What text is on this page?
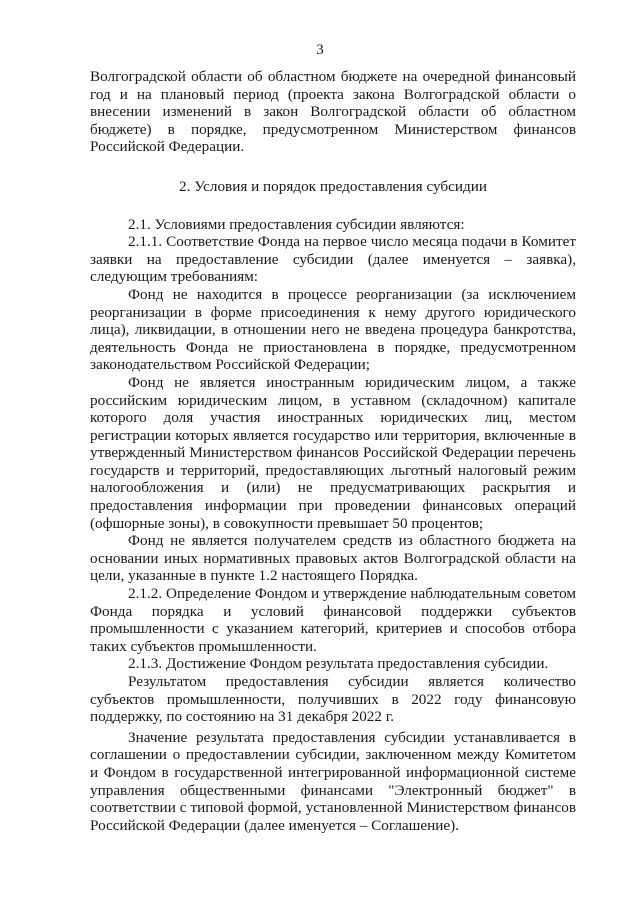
3

Волгоградской области об областном бюджете на очередной финансовый год и на плановый период (проекта закона Волгоградской области о внесении изменений в закон Волгоградской области об областном бюджете) в порядке, предусмотренном Министерством финансов Российской Федерации.

2. Условия и порядок предоставления субсидии

2.1. Условиями предоставления субсидии являются:

2.1.1. Соответствие Фонда на первое число месяца подачи в Комитет заявки на предоставление субсидии (далее именуется – заявка), следующим требованиям:

Фонд не находится в процессе реорганизации (за исключением реорганизации в форме присоединения к нему другого юридического лица), ликвидации, в отношении него не введена процедура банкротства, деятельность Фонда не приостановлена в порядке, предусмотренном законодательством Российской Федерации;

Фонд не является иностранным юридическим лицом, а также российским юридическим лицом, в уставном (складочном) капитале которого доля участия иностранных юридических лиц, местом регистрации которых является государство или территория, включенные в утвержденный Министерством финансов Российской Федерации перечень государств и территорий, предоставляющих льготный налоговый режим налогообложения и (или) не предусматривающих раскрытия и предоставления информации при проведении финансовых операций (офшорные зоны), в совокупности превышает 50 процентов;

Фонд не является получателем средств из областного бюджета на основании иных нормативных правовых актов Волгоградской области на цели, указанные в пункте 1.2 настоящего Порядка.

2.1.2. Определение Фондом и утверждение наблюдательным советом Фонда порядка и условий финансовой поддержки субъектов промышленности с указанием категорий, критериев и способов отбора таких субъектов промышленности.

2.1.3. Достижение Фондом результата предоставления субсидии.

Результатом предоставления субсидии является количество субъектов промышленности, получивших в 2022 году финансовую поддержку, по состоянию на 31 декабря 2022 г.

Значение результата предоставления субсидии устанавливается в соглашении о предоставлении субсидии, заключенном между Комитетом и Фондом в государственной интегрированной информационной системе управления общественными финансами "Электронный бюджет" в соответствии с типовой формой, установленной Министерством финансов Российской Федерации (далее именуется – Соглашение).
